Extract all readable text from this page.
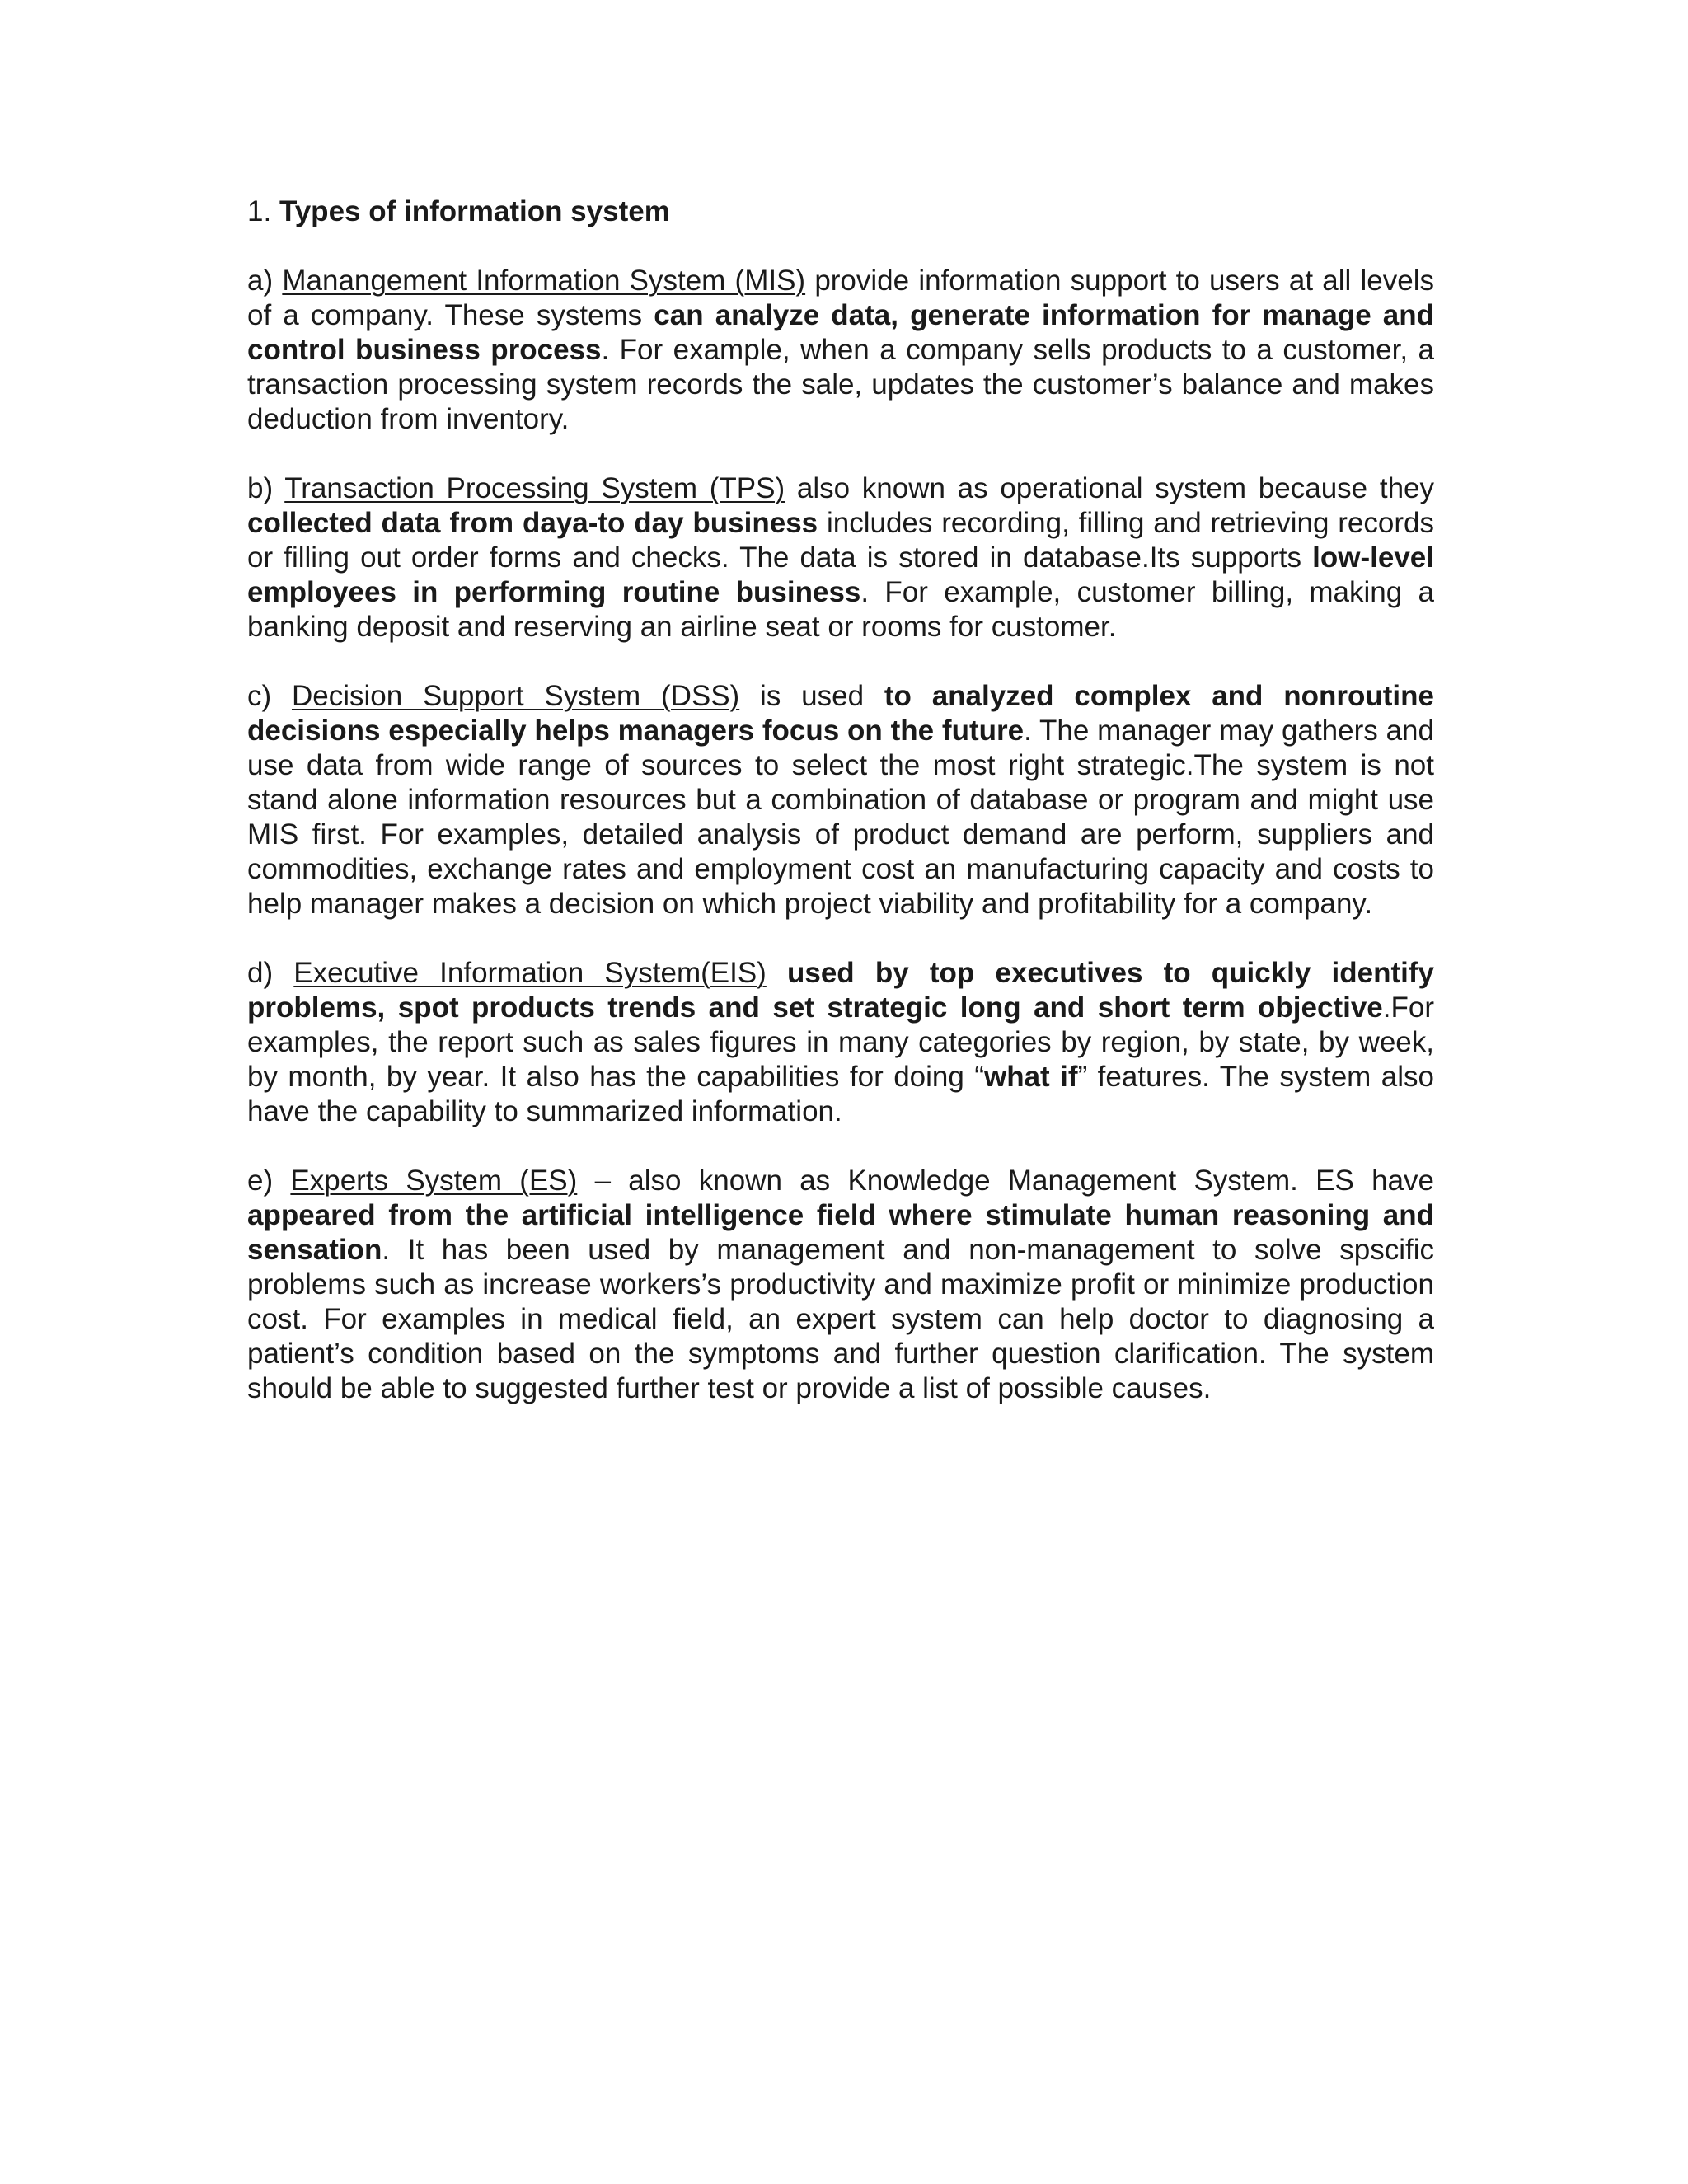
1. Types of information system
a) Manangement Information System (MIS) provide information support to users at all levels of a company. These systems can analyze data, generate information for manage and control business process. For example, when a company sells products to a customer, a transaction processing system records the sale, updates the customer’s balance and makes deduction from inventory.
b) Transaction Processing System (TPS) also known as operational system because they collected data from daya-to day business includes recording, filling and retrieving records or filling out order forms and checks. The data is stored in database.Its supports low-level employees in performing routine business. For example, customer billing, making a banking deposit and reserving an airline seat or rooms for customer.
c) Decision Support System (DSS) is used to analyzed complex and nonroutine decisions especially helps managers focus on the future. The manager may gathers and use data from wide range of sources to select the most right strategic.The system is not stand alone information resources but a combination of database or program and might use MIS first. For examples, detailed analysis of product demand are perform, suppliers and commodities, exchange rates and employment cost an manufacturing capacity and costs to help manager makes a decision on which project viability and profitability for a company.
d) Executive Information System(EIS) used by top executives to quickly identify problems, spot products trends and set strategic long and short term objective.For examples, the report such as sales figures in many categories by region, by state, by week, by month, by year. It also has the capabilities for doing “what if” features. The system also have the capability to summarized information.
e) Experts System (ES) – also known as Knowledge Management System. ES have appeared from the artificial intelligence field where stimulate human reasoning and sensation. It has been used by management and non-management to solve spscific problems such as increase workers’s productivity and maximize profit or minimize production cost. For examples in medical field, an expert system can help doctor to diagnosing a patient’s condition based on the symptoms and further question clarification. The system should be able to suggested further test or provide a list of possible causes.
